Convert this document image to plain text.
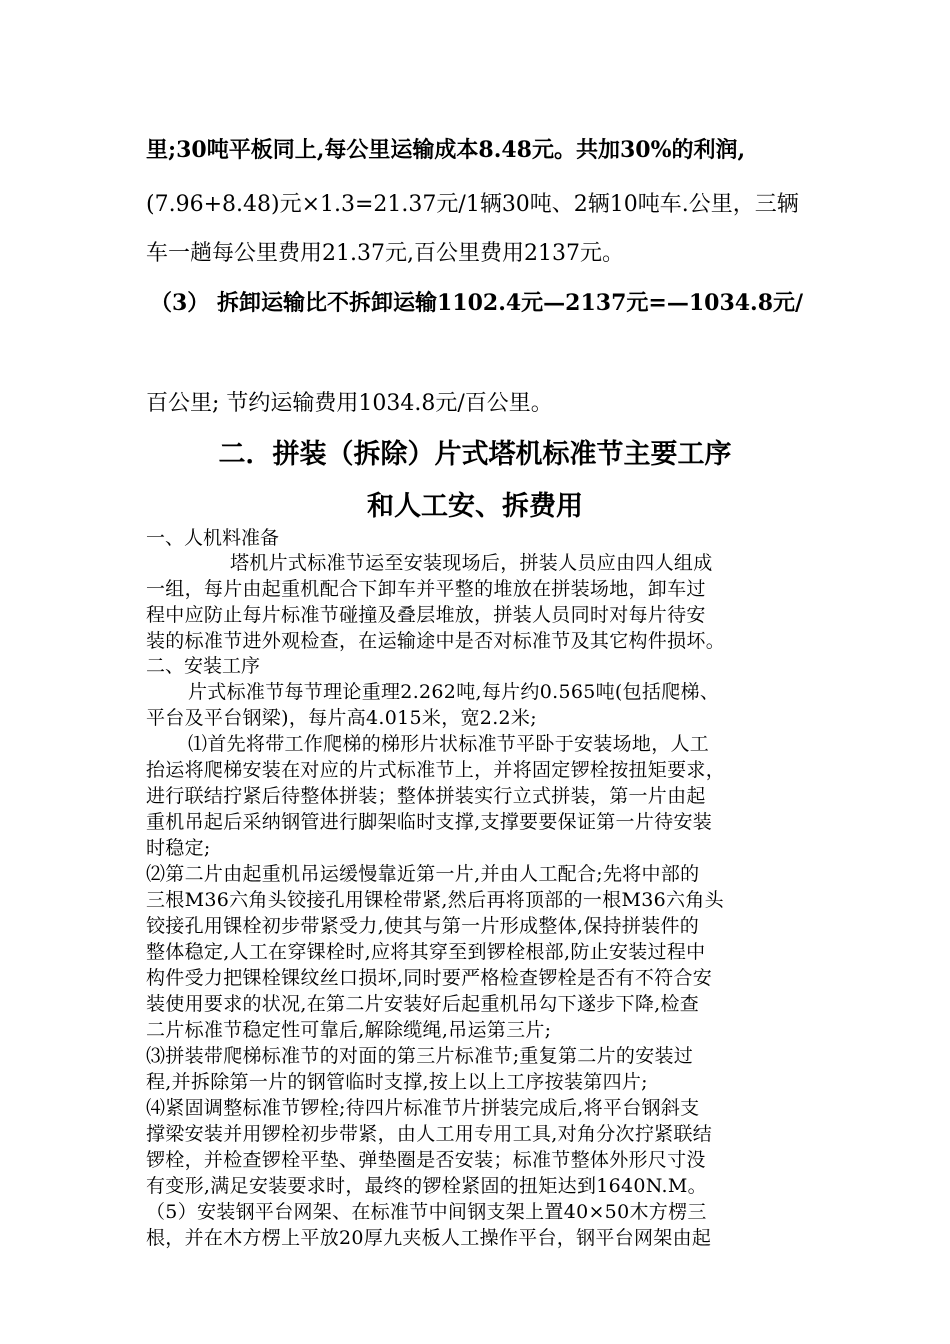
里;30吨平板同上,每公里运输成本8.48元。共加30%的利润,
(7.96+8.48)元×1.3=21.37元/1辆30吨、2辆10吨车.公里，三辆
车一趟每公里费用21.37元,百公里费用2137元。
（3） 拆卸运输比不拆卸运输1102.4元—2137元=—1034.8元/
百公里; 节约运输费用1034.8元/百公里。
二．拼装（拆除）片式塔机标准节主要工序
和人工安、拆费用
一、人机料准备
塔机片式标准节运至安装现场后，拼装人员应由四人组成
一组，每片由起重机配合下卸车并平整的堆放在拼装场地，卸车过
程中应防止每片标准节碰撞及叠层堆放，拼装人员同时对每片待安
装的标准节进外观检查，在运输途中是否对标准节及其它构件损坏。
二、安装工序
片式标准节每节理论重理2.262吨,每片约0.565吨(包括爬梯、
平台及平台钢梁)，每片高4.015米，宽2.2米;
⑴首先将带工作爬梯的梯形片状标准节平卧于安装场地，人工
抬运将爬梯安装在对应的片式标准节上，并将固定锣栓按扭矩要求，
进行联结拧紧后待整体拼装；整体拼装实行立式拼装，第一片由起
重机吊起后采纳钢管进行脚架临时支撑,支撑要要保证第一片待安装
时稳定;
⑵第二片由起重机吊运缓慢靠近第一片,并由人工配合;先将中部的
三根M36六角头铰接孔用锞栓带紧,然后再将顶部的一根M36六角头
铰接孔用锞栓初步带紧受力,使其与第一片形成整体,保持拼装件的
整体稳定,人工在穿锞栓时,应将其穿至到锣栓根部,防止安装过程中
构件受力把锞栓锞纹丝口损坏,同时要严格检查锣栓是否有不符合安
装使用要求的状况,在第二片安装好后起重机吊勾下遂步下降,检查
二片标准节稳定性可靠后,解除缆绳,吊运第三片;
⑶拼装带爬梯标准节的对面的第三片标准节;重复第二片的安装过
程,并拆除第一片的钢管临时支撑,按上以上工序按装第四片;
⑷紧固调整标准节锣栓;待四片标准节片拼装完成后,将平台钢斜支
撑梁安装并用锣栓初步带紧，由人工用专用工具,对角分次拧紧联结
锣栓，并检查锣栓平垫、弹垫圈是否安装；标准节整体外形尺寸没
有变形,满足安装要求时，最终的锣栓紧固的扭矩达到1640N.M。
（5）安装钢平台网架、在标准节中间钢支架上置40×50木方楞三
根，并在木方楞上平放20厚九夹板人工操作平台，钢平台网架由起
